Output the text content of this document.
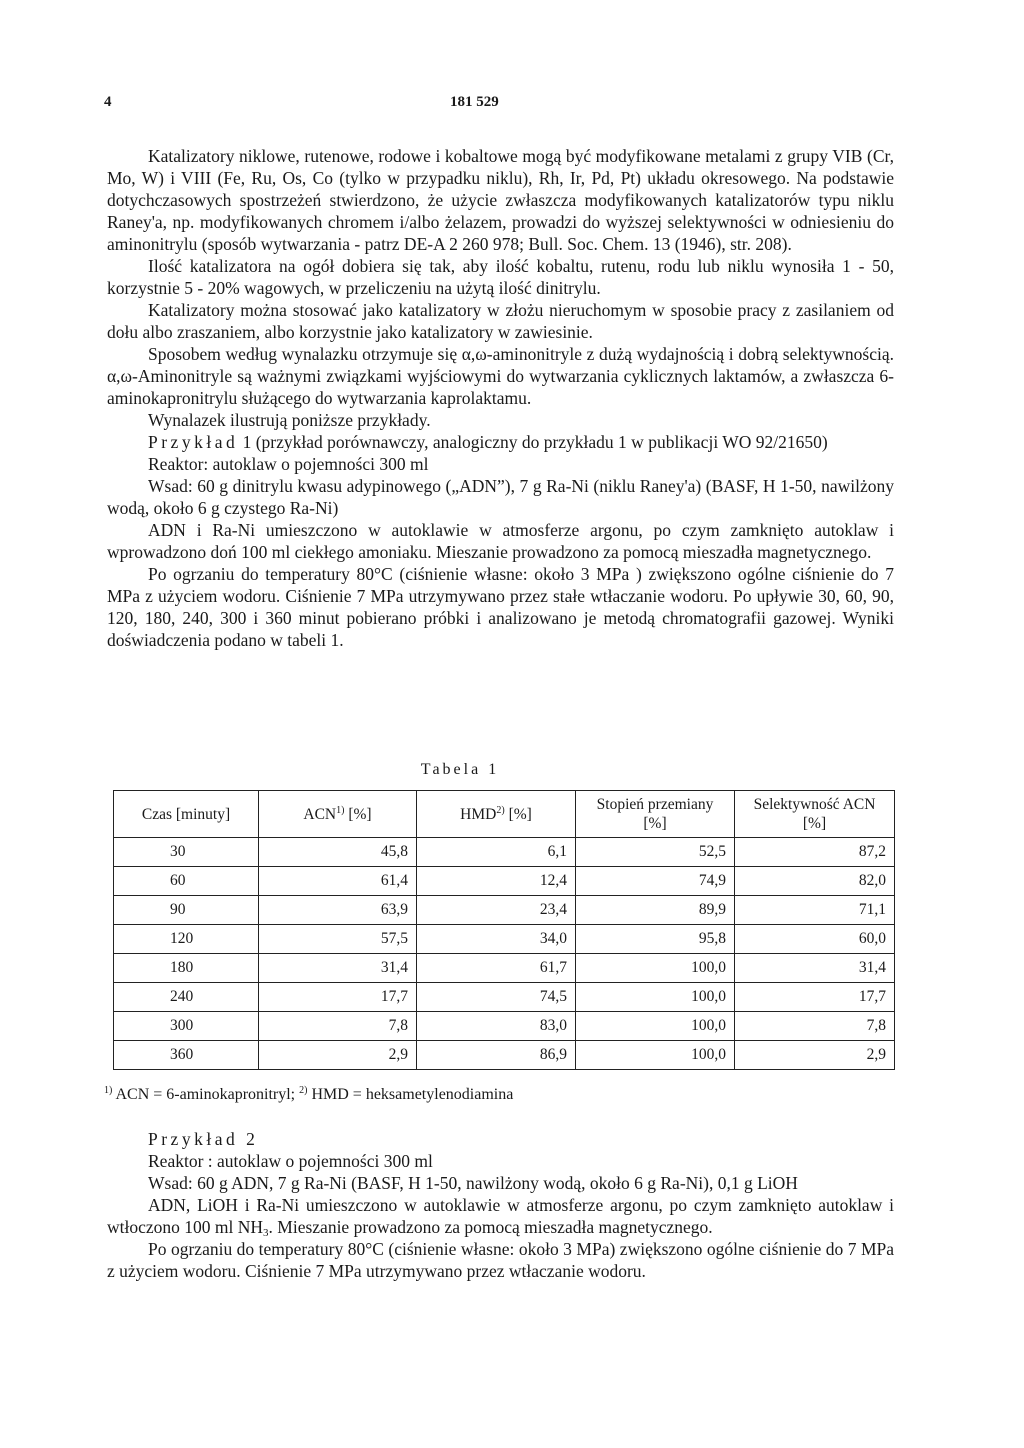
4	181 529

Katalizatory niklowe, rutenowe, rodowe i kobaltowe mogą być modyfikowane metalami z grupy VIB (Cr, Mo, W) i VIII (Fe, Ru, Os, Co (tylko w przypadku niklu), Rh, Ir, Pd, Pt) układu okresowego. Na podstawie dotychczasowych spostrzeżeń stwierdzono, że użycie zwłaszcza modyfikowanych katalizatorów typu niklu Raney'a, np. modyfikowanych chromem i/albo żelazem, prowadzi do wyższej selektywności w odniesieniu do aminonitrylu (sposób wytwarzania - patrz DE-A 2 260 978; Bull. Soc. Chem. 13 (1946), str. 208).

Ilość katalizatora na ogół dobiera się tak, aby ilość kobaltu, rutenu, rodu lub niklu wynosiła 1 - 50, korzystnie 5 - 20% wagowych, w przeliczeniu na użytą ilość dinitrylu.

Katalizatory można stosować jako katalizatory w złożu nieruchomym w sposobie pracy z zasilaniem od dołu albo zraszaniem, albo korzystnie jako katalizatory w zawiesinie.

Sposobem według wynalazku otrzymuje się α,ω-aminonitryle z dużą wydajnością i dobrą selektywnością. α,ω-Aminonitryle są ważnymi związkami wyjściowymi do wytwarzania cyklicznych laktamów, a zwłaszcza 6-aminokapronitrylu służącego do wytwarzania kaprolaktamu.

Wynalazek ilustrują poniższe przykłady.

Przykład 1 (przykład porównawczy, analogiczny do przykładu 1 w publikacji WO 92/21650)

Reaktor: autoklaw o pojemności 300 ml

Wsad: 60 g dinitrylu kwasu adypinowego („ADN”), 7 g Ra-Ni (niklu Raney'a) (BASF, H 1-50, nawilżony wodą, około 6 g czystego Ra-Ni)

ADN i Ra-Ni umieszczono w autoklawie w atmosferze argonu, po czym zamknięto autoklaw i wprowadzono doń 100 ml ciekłego amoniaku. Mieszanie prowadzono za pomocą mieszadła magnetycznego.

Po ogrzaniu do temperatury 80°C (ciśnienie własne: około 3 MPa ) zwiększono ogólne ciśnienie do 7 MPa z użyciem wodoru. Ciśnienie 7 MPa utrzymywano przez stałe wtłaczanie wodoru. Po upływie 30, 60, 90, 120, 180, 240, 300 i 360 minut pobierano próbki i analizowano je metodą chromatografii gazowej. Wyniki doświadczenia podano w tabeli 1.

Tabela 1
Czas [minuty]	ACN$^{1)}$ [%]	HMD$^{2)}$ [%]	Stopień przemiany [%]	Selektywność ACN [%]
30	45,8	6,1	52,5	87,2
60	61,4	12,4	74,9	82,0
90	63,9	23,4	89,9	71,1
120	57,5	34,0	95,8	60,0
180	31,4	61,7	100,0	31,4
240	17,7	74,5	100,0	17,7
300	7,8	83,0	100,0	7,8
360	2,9	86,9	100,0	2,9
$^{1)}$ ACN = 6-aminokapronitryl; $^{2)}$ HMD = heksametylenodiamina

Przykład 2

Reaktor : autoklaw o pojemności 300 ml

Wsad: 60 g ADN, 7 g Ra-Ni (BASF, H 1-50, nawilżony wodą, około 6 g Ra-Ni), 0,1 g LiOH

ADN, LiOH i Ra-Ni umieszczono w autoklawie w atmosferze argonu, po czym zamknięto autoklaw i wtłoczono 100 ml $NH_3$. Mieszanie prowadzono za pomocą mieszadła magnetycznego.

Po ogrzaniu do temperatury 80°C (ciśnienie własne: około 3 MPa) zwiększono ogólne ciśnienie do 7 MPa z użyciem wodoru. Ciśnienie 7 MPa utrzymywano przez wtłaczanie wodoru.
